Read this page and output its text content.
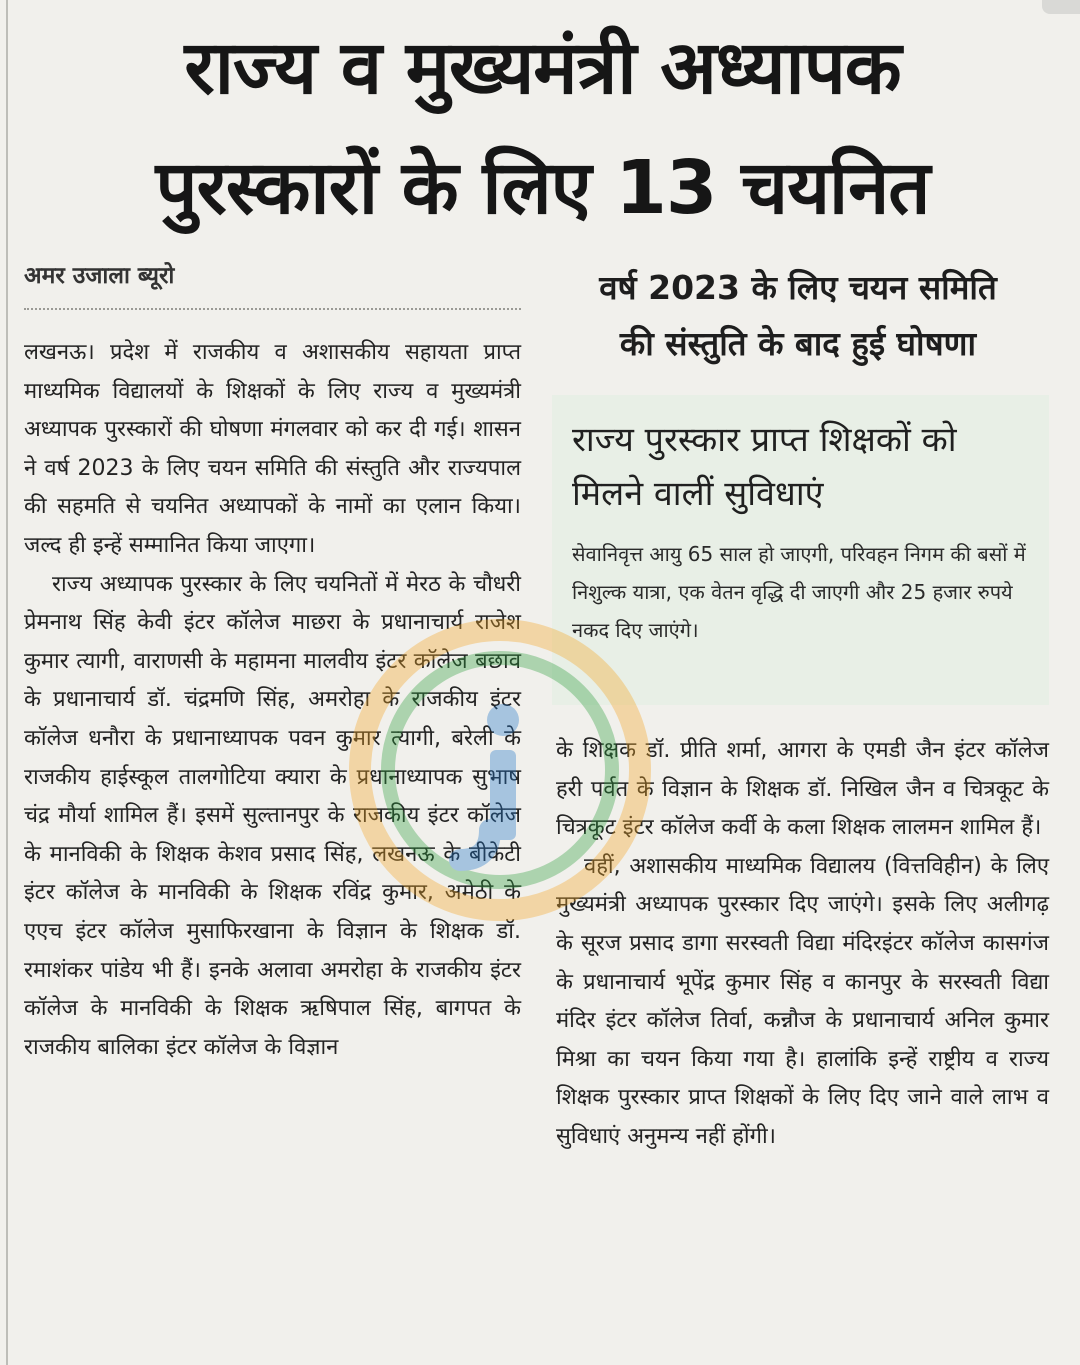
राज्य व मुख्यमंत्री अध्यापक
पुरस्कारों के लिए 13 चयनित
अमर उजाला ब्यूरो	वर्ष 2023 के लिए चयन समिति
की संस्तुति के बाद हुई घोषणा
राज्य पुरस्कार प्राप्त शिक्षकों को मिलने वालीं सुविधाएं

सेवानिवृत्त आयु 65 साल हो जाएगी, परिवहन निगम की बसों में निशुल्क यात्रा, एक वेतन वृद्धि दी जाएगी और 25 हजार रुपये नकद दिए जाएंगे।

लखनऊ। प्रदेश में राजकीय व अशासकीय सहायता प्राप्त माध्यमिक विद्यालयों के शिक्षकों के लिए राज्य व मुख्यमंत्री अध्यापक पुरस्कारों की घोषणा मंगलवार को कर दी गई। शासन ने वर्ष 2023 के लिए चयन समिति की संस्तुति और राज्यपाल की सहमति से चयनित अध्यापकों के नामों का एलान किया। जल्द ही इन्हें सम्मानित किया जाएगा।

राज्य अध्यापक पुरस्कार के लिए चयनितों में मेरठ के चौधरी प्रेमनाथ सिंह केवी इंटर कॉलेज माछरा के प्रधानाचार्य राजेश कुमार त्यागी, वाराणसी के महामना मालवीय इंटर कॉलेज बछाव के प्रधानाचार्य डॉ. चंद्रमणि सिंह, अमरोहा के राजकीय इंटर कॉलेज धनौरा के प्रधानाध्यापक पवन कुमार त्यागी, बरेली के राजकीय हाईस्कूल तालगोटिया क्यारा के प्रधानाध्यापक सुभाष चंद्र मौर्या शामिल हैं। इसमें सुल्तानपुर के राजकीय इंटर कॉलेज के मानविकी के शिक्षक केशव प्रसाद सिंह, लखनऊ के बीकेटी इंटर कॉलेज के मानविकी के शिक्षक रविंद्र कुमार, अमेठी के एएच इंटर कॉलेज मुसाफिरखाना के विज्ञान के शिक्षक डॉ. रमाशंकर पांडेय भी हैं। इनके अलावा अमरोहा के राजकीय इंटर कॉलेज के मानविकी के शिक्षक ऋषिपाल सिंह, बागपत के राजकीय बालिका इंटर कॉलेज के विज्ञान

के शिक्षक डॉ. प्रीति शर्मा, आगरा के एमडी जैन इंटर कॉलेज हरी पर्वत के विज्ञान के शिक्षक डॉ. निखिल जैन व चित्रकूट के चित्रकूट इंटर कॉलेज कर्वी के कला शिक्षक लालमन शामिल हैं।

वहीं, अशासकीय माध्यमिक विद्यालय (वित्तविहीन) के लिए मुख्यमंत्री अध्यापक पुरस्कार दिए जाएंगे। इसके लिए अलीगढ़ के सूरज प्रसाद डागा सरस्वती विद्या मंदिरइंटर कॉलेज कासगंज के प्रधानाचार्य भूपेंद्र कुमार सिंह व कानपुर के सरस्वती विद्या मंदिर इंटर कॉलेज तिर्वा, कन्नौज के प्रधानाचार्य अनिल कुमार मिश्रा का चयन किया गया है। हालांकि इन्हें राष्ट्रीय व राज्य शिक्षक पुरस्कार प्राप्त शिक्षकों के लिए दिए जाने वाले लाभ व सुविधाएं अनुमन्य नहीं होंगी।
